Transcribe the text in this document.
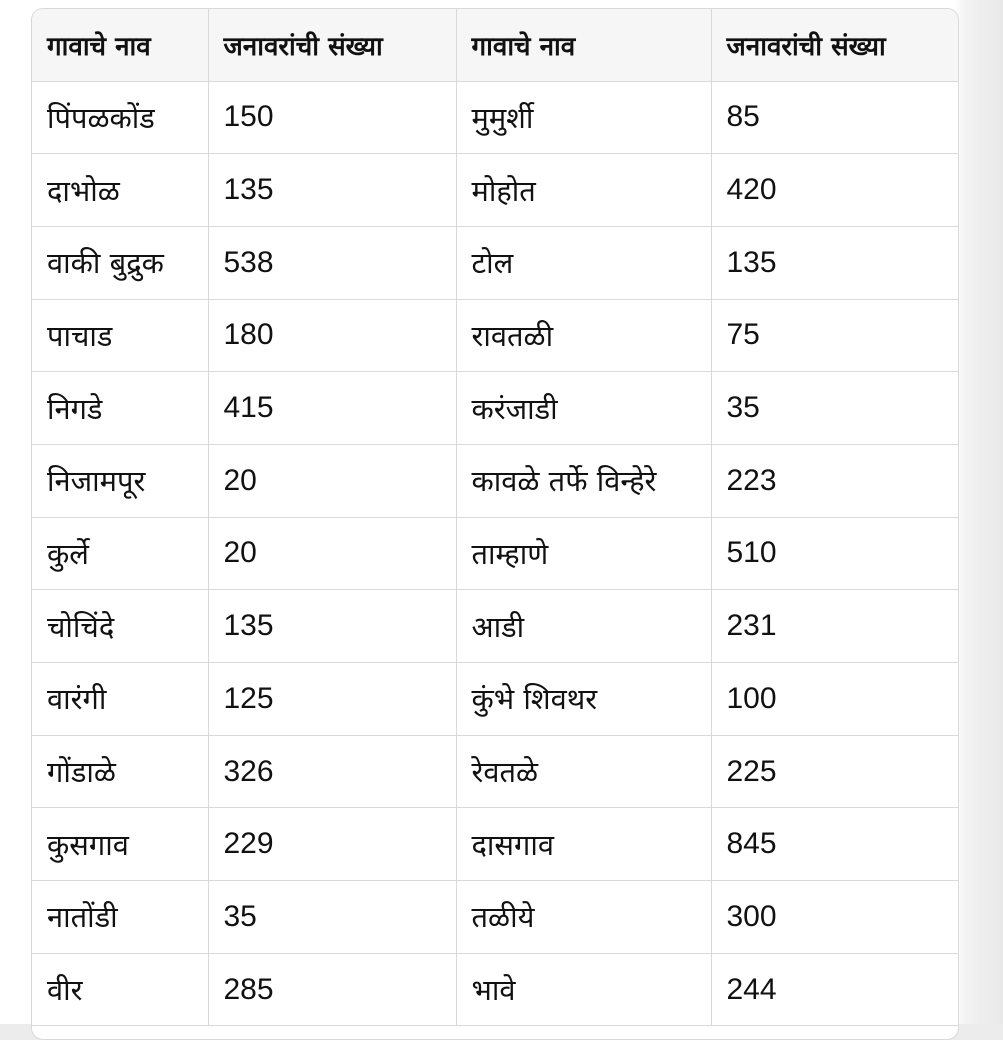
गावाचे नाव	जनावरांची संख्या	गावाचे नाव	जनावरांची संख्या
पिंपळकोंड	150	मुमुर्शी	85
दाभोळ	135	मोहोत	420
वाकी बुद्रुक	538	टोल	135
पाचाड	180	रावतळी	75
निगडे	415	करंजाडी	35
निजामपूर	20	कावळे तर्फे विन्हेरे	223
कुर्ले	20	ताम्हाणे	510
चोचिंदे	135	आडी	231
वारंगी	125	कुंभे शिवथर	100
गोंडाळे	326	रेवतळे	225
कुसगाव	229	दासगाव	845
नातोंडी	35	तळीये	300
वीर	285	भावे	244
